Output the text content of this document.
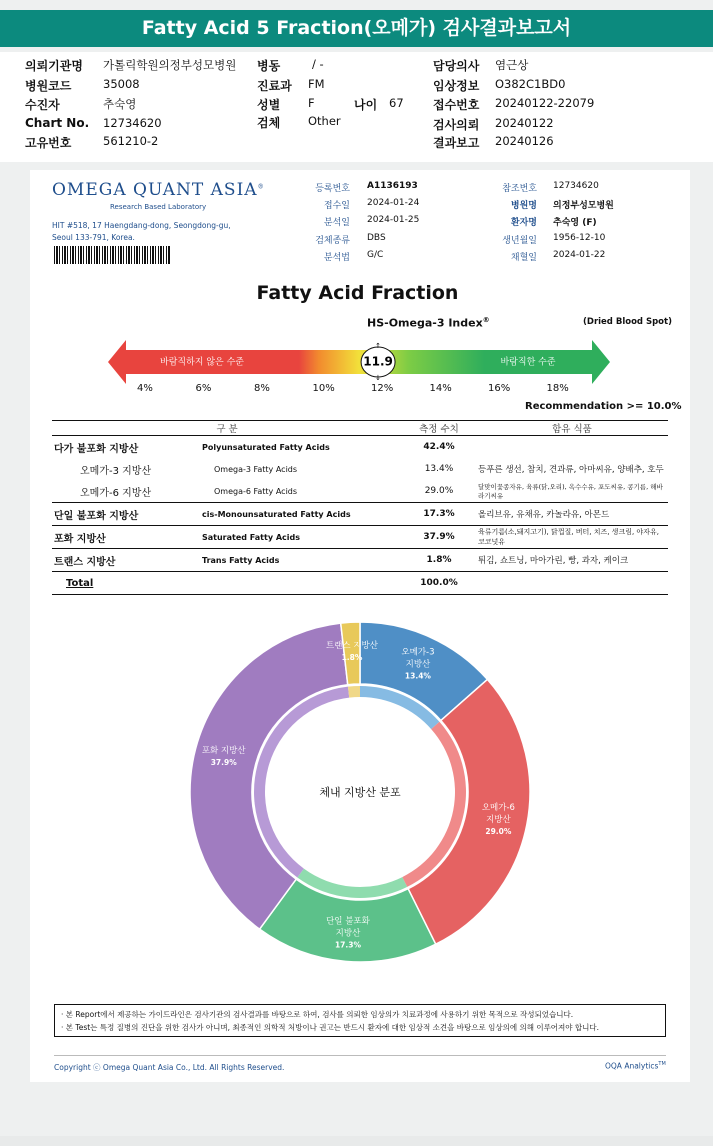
Fatty Acid 5 Fraction(오메가) 검사결과보고서
의뢰기관명 가톨릭학원의정부성모병원
병원코드	35008
수진자	추숙영
Chart No. 12734620
고유번호	561210-2
병동	/ -
진료과 FM
성별 F	나이 67
검체 Other
담당의사 염근상
임상정보 O382C1BD0
접수번호 20240122-22079
검사의뢰 20240122
결과보고 20240126
OMEGA QUANT ASIA®
Research Based Laboratory
HIT #518, 17 Haengdang-dong, Seongdong-gu,
Seoul 133-791, Korea.
등록번호 A1136193
접수일 2024-01-24
분석일 2024-01-25
검체종류 DBS
분석법 G/C
참조번호 12734620
병원명 의정부성모병원
환자명 추숙영 (F)
생년월일 1956-12-10
채혈일 2024-01-22
Fatty Acid Fraction
HS-Omega-3 Index®	(Dried Blood Spot)
바람직하지 않은 수준	바람직한 수준
11.9
↑
↓
4%	6%	8%	10%	12%	14%	16%	18%
Recommendation >= 10.0%
구 분		측정 수치	함유 식품
다가 불포화 지방산	Polyunsaturated Fatty Acids	42.4%	
오메가-3 지방산	Omega-3 Fatty Acids	13.4%	등푸른 생선, 참치, 견과류, 아마씨유, 양배추, 호두
오메가-6 지방산	Omega-6 Fatty Acids	29.0%	달맞이꽃종자유, 육류(닭,오리), 옥수수유, 포도씨유, 콩기름, 해바라기씨유
단일 불포화 지방산	cis-Monounsaturated Fatty Acids	17.3%	올리브유, 유채유, 카놀라유, 아몬드
포화 지방산	Saturated Fatty Acids	37.9%	육류기름(소,돼지고기), 닭껍질, 버터, 치즈, 생크림, 야자유, 코코넛유
트랜스 지방산	Trans Fatty Acids	1.8%	튀김, 쇼트닝, 마아가린, 빵, 과자, 케이크
Total		100.0%	
오메가-3
지방산
13.4%
오메가-6
지방산
29.0%
단일 불포화
지방산
17.3%
포화 지방산
37.9%
트랜스 지방산
1.8%
체내 지방산 분포
· 본 Report에서 제공하는 가이드라인은 검사기관의 검사결과를 바탕으로 하여, 검사를 의뢰한 임상의가 치료과정에 사용하기 위한 목적으로 작성되었습니다.
· 본 Test는 특정 질병의 진단을 위한 검사가 아니며, 최종적인 의학적 처방이나 권고는 반드시 환자에 대한 임상적 소견을 바탕으로 임상의에 의해 이루어져야 합니다.
Copyright ⓒ Omega Quant Asia Co., Ltd. All Rights Reserved.	OQA Analytics™
